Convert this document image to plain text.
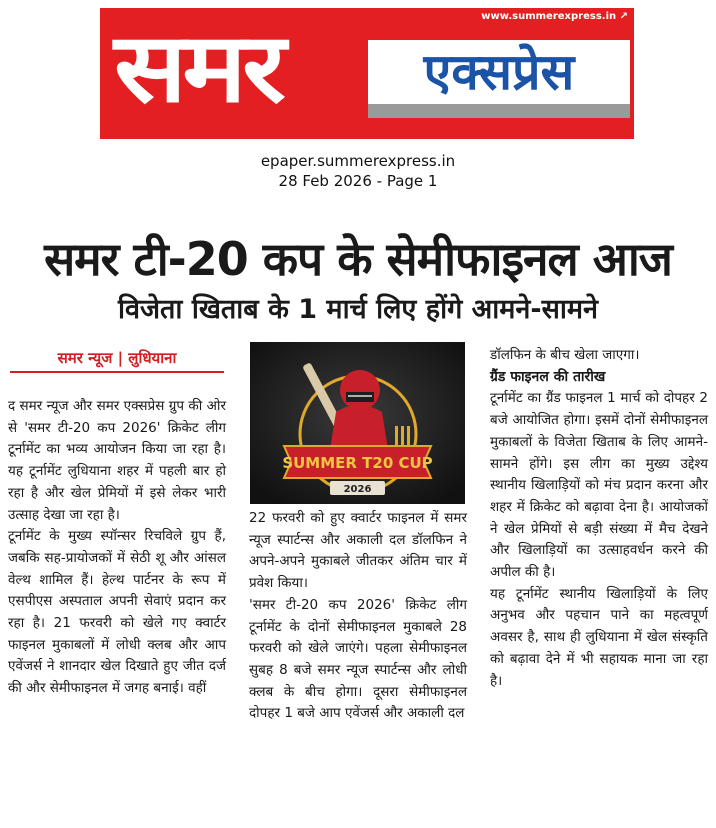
www.summerexpress.in ↗
समर	एक्सप्रेस
epaper.summerexpress.in
28 Feb 2026 - Page 1
समर टी-20 कप के सेमीफाइनल आज
विजेता खिताब के 1 मार्च लिए होंगे आमने-सामने
समर न्यूज | लुधियाना

द समर न्यूज और समर एक्सप्रेस ग्रुप की ओर से 'समर टी-20 कप 2026' क्रिकेट लीग टूर्नामेंट का भव्य आयोजन किया जा रहा है। यह टूर्नामेंट लुधियाना शहर में पहली बार हो रहा है और खेल प्रेमियों में इसे लेकर भारी उत्साह देखा जा रहा है।

टूर्नामेंट के मुख्य स्पॉन्सर रिचविले ग्रुप हैं, जबकि सह-प्रायोजकों में सेठी शू और आंसल वेल्थ शामिल हैं। हेल्थ पार्टनर के रूप में एसपीएस अस्पताल अपनी सेवाएं प्रदान कर रहा है। 21 फरवरी को खेले गए क्वार्टर फाइनल मुकाबलों में लोधी क्लब और आप एवेंजर्स ने शानदार खेल दिखाते हुए जीत दर्ज की और सेमीफाइनल में जगह बनाई। वहीं

SUMMER T20 CUP
2026

22 फरवरी को हुए क्वार्टर फाइनल में समर न्यूज स्पार्टन्स और अकाली दल डॉलफिन ने अपने-अपने मुकाबले जीतकर अंतिम चार में प्रवेश किया।

'समर टी-20 कप 2026' क्रिकेट लीग टूर्नामेंट के दोनों सेमीफाइनल मुकाबले 28 फरवरी को खेले जाएंगे। पहला सेमीफाइनल सुबह 8 बजे समर न्यूज स्पार्टन्स और लोधी क्लब के बीच होगा। दूसरा सेमीफाइनल दोपहर 1 बजे आप एवेंजर्स और अकाली दल

डॉलफिन के बीच खेला जाएगा।

ग्रैंड फाइनल की तारीख

टूर्नामेंट का ग्रैंड फाइनल 1 मार्च को दोपहर 2 बजे आयोजित होगा। इसमें दोनों सेमीफाइनल मुकाबलों के विजेता खिताब के लिए आमने-सामने होंगे। इस लीग का मुख्य उद्देश्य स्थानीय खिलाड़ियों को मंच प्रदान करना और शहर में क्रिकेट को बढ़ावा देना है। आयोजकों ने खेल प्रेमियों से बड़ी संख्या में मैच देखने और खिलाड़ियों का उत्साहवर्धन करने की अपील की है।

यह टूर्नामेंट स्थानीय खिलाड़ियों के लिए अनुभव और पहचान पाने का महत्वपूर्ण अवसर है, साथ ही लुधियाना में खेल संस्कृति को बढ़ावा देने में भी सहायक माना जा रहा है।
